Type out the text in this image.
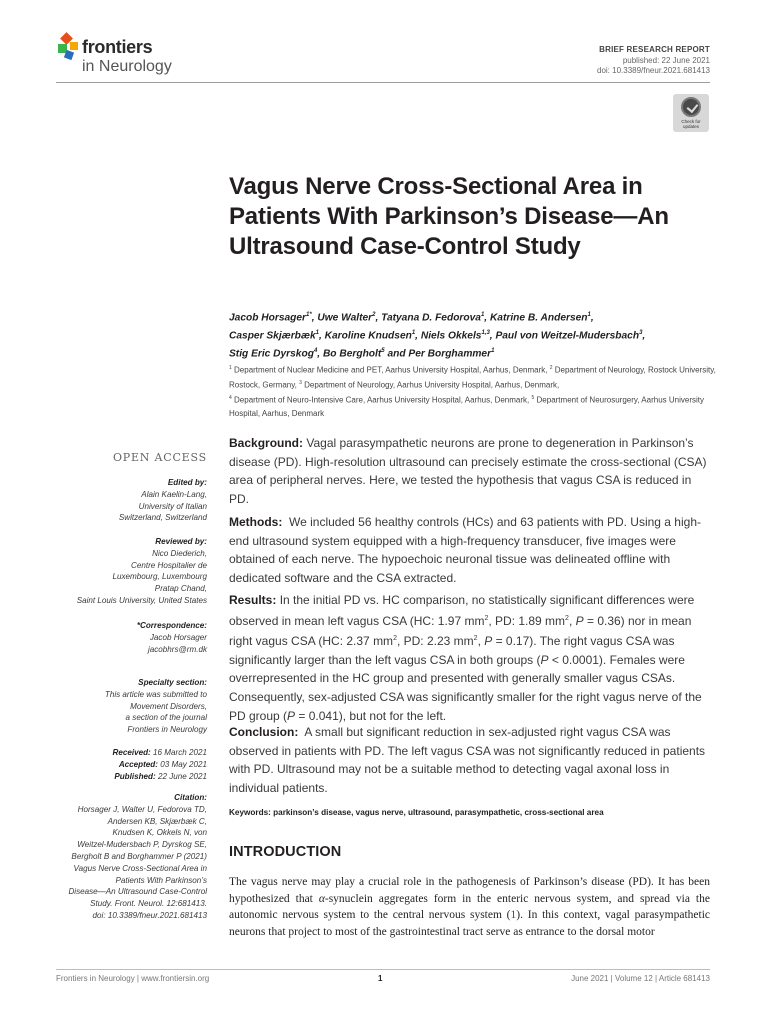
frontiers
in Neurology
BRIEF RESEARCH REPORT
published: 22 June 2021
doi: 10.3389/fneur.2021.681413
Check for updates
Vagus Nerve Cross-Sectional Area in Patients With Parkinson’s Disease—An Ultrasound Case-Control Study
Jacob Horsager$^{1*}$, Uwe Walter$^2$, Tatyana D. Fedorova$^1$, Katrine B. Andersen$^1$,
Casper Skjærbæk$^1$, Karoline Knudsen$^1$, Niels Okkels$^{1,3}$, Paul von Weitzel-Mudersbach$^3$,
Stig Eric Dyrskog$^4$, Bo Bergholt$^5$ and Per Borghammer$^1$
$^1$ Department of Nuclear Medicine and PET, Aarhus University Hospital, Aarhus, Denmark, $^2$ Department of Neurology, Rostock University, Rostock, Germany, $^3$ Department of Neurology, Aarhus University Hospital, Aarhus, Denmark,
$^4$ Department of Neuro-Intensive Care, Aarhus University Hospital, Aarhus, Denmark, $^5$ Department of Neurosurgery, Aarhus University Hospital, Aarhus, Denmark
OPEN ACCESS
Edited by:
Alain Kaelin-Lang,
University of Italian
Switzerland, Switzerland
Reviewed by:
Nico Diederich,
Centre Hospitalier de
Luxembourg, Luxembourg
Pratap Chand,
Saint Louis University, United States
*Correspondence:
Jacob Horsager
jacobhrs@rm.dk
Specialty section:
This article was submitted to
Movement Disorders,
a section of the journal
Frontiers in Neurology
Received: 16 March 2021
Accepted: 03 May 2021
Published: 22 June 2021
Citation:
Horsager J, Walter U, Fedorova TD,
Andersen KB, Skjærbæk C,
Knudsen K, Okkels N, von
Weitzel-Mudersbach P, Dyrskog SE,
Bergholt B and Borghammer P (2021)
Vagus Nerve Cross-Sectional Area in
Patients With Parkinson’s
Disease—An Ultrasound Case-Control
Study. Front. Neurol. 12:681413.
doi: 10.3389/fneur.2021.681413

Background: Vagal parasympathetic neurons are prone to degeneration in Parkinson’s disease (PD). High-resolution ultrasound can precisely estimate the cross-sectional (CSA) area of peripheral nerves. Here, we tested the hypothesis that vagus CSA is reduced in PD.

Methods: We included 56 healthy controls (HCs) and 63 patients with PD. Using a high-end ultrasound system equipped with a high-frequency transducer, five images were obtained of each nerve. The hypoechoic neuronal tissue was delineated offline with dedicated software and the CSA extracted.

Results: In the initial PD vs. HC comparison, no statistically significant differences were observed in mean left vagus CSA (HC: 1.97 $mm^2$, PD: 1.89 $mm^2$, P = 0.36) nor in mean right vagus CSA (HC: 2.37 $mm^2$, PD: 2.23 $mm^2$, P = 0.17). The right vagus CSA was significantly larger than the left vagus CSA in both groups (P < 0.0001). Females were overrepresented in the HC group and presented with generally smaller vagus CSAs. Consequently, sex-adjusted CSA was significantly smaller for the right vagus nerve of the PD group (P = 0.041), but not for the left.

Conclusion: A small but significant reduction in sex-adjusted right vagus CSA was observed in patients with PD. The left vagus CSA was not significantly reduced in patients with PD. Ultrasound may not be a suitable method to detecting vagal axonal loss in individual patients.

Keywords: parkinson’s disease, vagus nerve, ultrasound, parasympathetic, cross-sectional area
INTRODUCTION

The vagus nerve may play a crucial role in the pathogenesis of Parkinson’s disease (PD). It has been hypothesized that α-synuclein aggregates form in the enteric nervous system, and spread via the autonomic nervous system to the central nervous system (1). In this context, vagal parasympathetic neurons that project to most of the gastrointestinal tract serve as entrance to the dorsal motor

Frontiers in Neurology | www.frontiersin.org	1	June 2021 | Volume 12 | Article 681413
